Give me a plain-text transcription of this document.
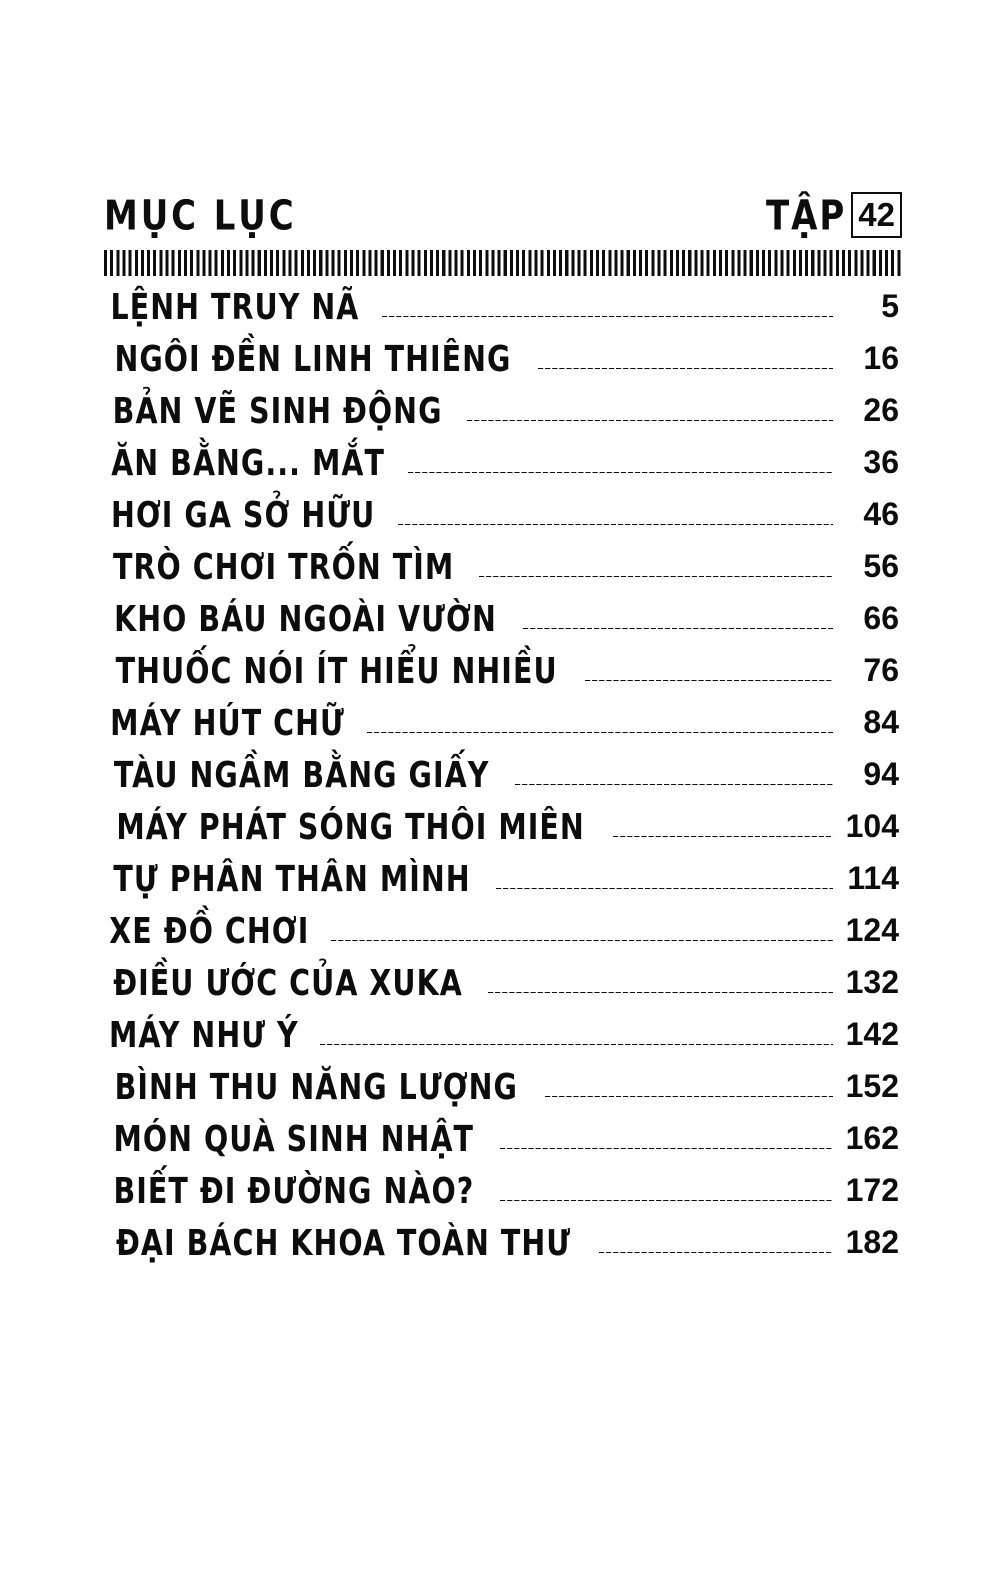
MỤC LỤC	TẬP 42
LỆNH TRUY NÃ	5
NGÔI ĐỀN LINH THIÊNG	16
BẢN VẼ SINH ĐỘNG	26
ĂN BẰNG... MẮT	36
HƠI GA SỞ HỮU	46
TRÒ CHƠI TRỐN TÌM	56
KHO BÁU NGOÀI VƯỜN	66
THUỐC NÓI ÍT HIỂU NHIỀU	76
MÁY HÚT CHỮ	84
TÀU NGẦM BẰNG GIẤY	94
MÁY PHÁT SÓNG THÔI MIÊN	104
TỰ PHÂN THÂN MÌNH	114
XE ĐỒ CHƠI	124
ĐIỀU ƯỚC CỦA XUKA	132
MÁY NHƯ Ý	142
BÌNH THU NĂNG LƯỢNG	152
MÓN QUÀ SINH NHẬT	162
BIẾT ĐI ĐƯỜNG NÀO?	172
ĐẠI BÁCH KHOA TOÀN THƯ	182
